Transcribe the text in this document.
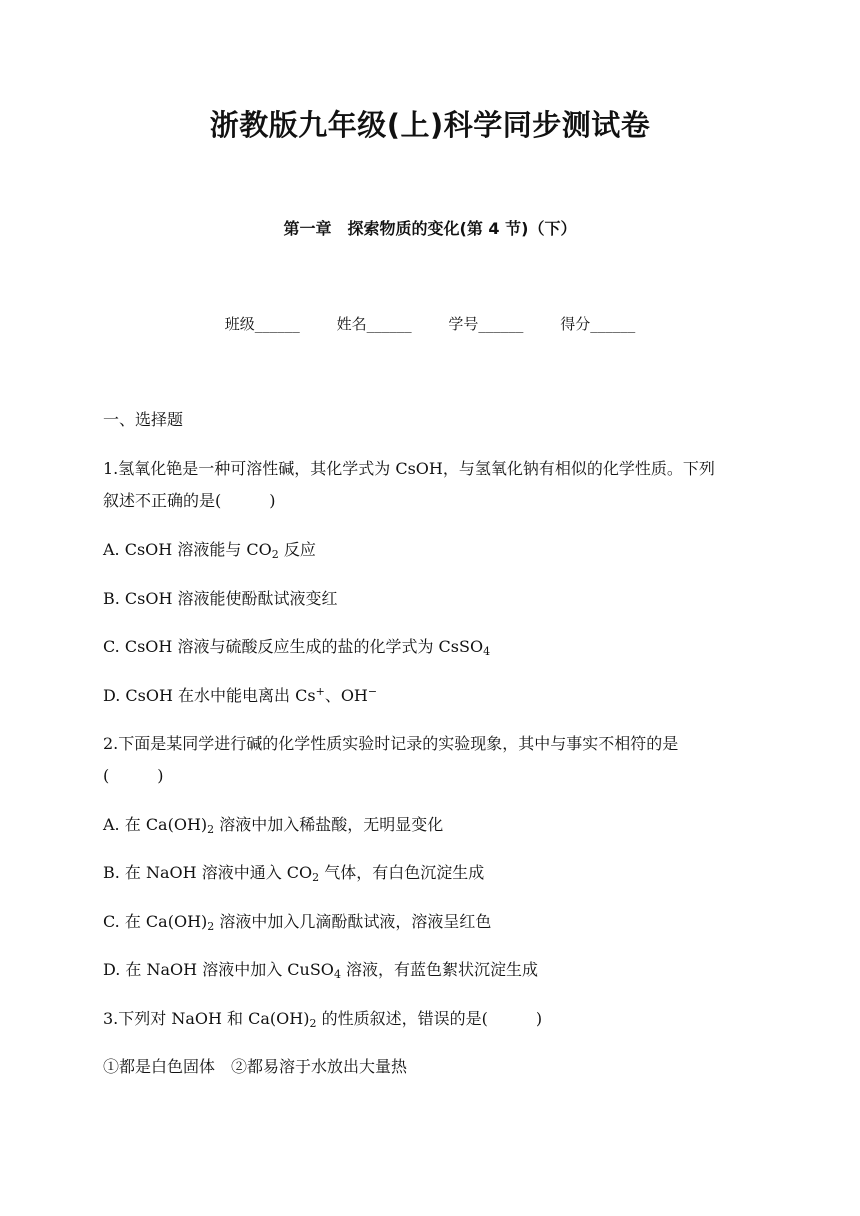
浙教版九年级(上)科学同步测试卷
第一章　探索物质的变化(第 4 节)（下）
班级______ 姓名______ 学号______ 得分______
一、选择题
1.氢氧化铯是一种可溶性碱，其化学式为 CsOH，与氢氧化钠有相似的化学性质。下列
叙述不正确的是(　　　)
A. CsOH 溶液能与 $CO_2$ 反应
B. CsOH 溶液能使酚酞试液变红
C. CsOH 溶液与硫酸反应生成的盐的化学式为 CsSO$_4$
D. CsOH 在水中能电离出 Cs+、OH−
2.下面是某同学进行碱的化学性质实验时记录的实验现象，其中与事实不相符的是
(　　　)
A. 在 $Ca(OH)_2$ 溶液中加入稀盐酸，无明显变化
B. 在 NaOH 溶液中通入 $CO_2$ 气体，有白色沉淀生成
C. 在 $Ca(OH)_2$ 溶液中加入几滴酚酞试液，溶液呈红色
D. 在 NaOH 溶液中加入 CuSO$_4$ 溶液，有蓝色絮状沉淀生成
3.下列对 NaOH 和 $Ca(OH)_2$ 的性质叙述，错误的是(　　　)
①都是白色固体　②都易溶于水放出大量热
